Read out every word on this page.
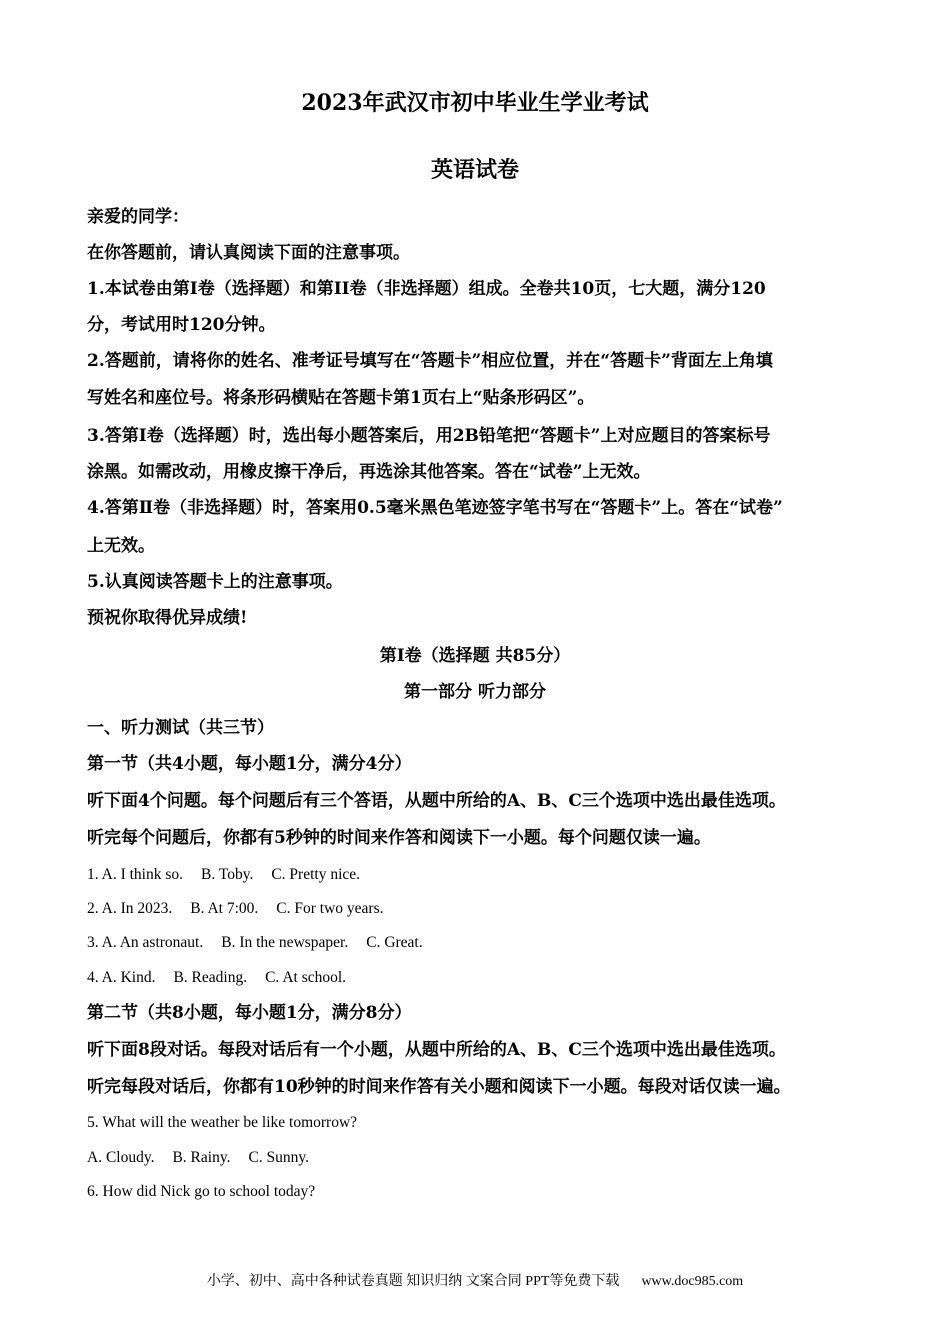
2023年武汉市初中毕业生学业考试
英语试卷
亲爱的同学：
在你答题前，请认真阅读下面的注意事项。
1.本试卷由第Ⅰ卷（选择题）和第II卷（非选择题）组成。全卷共10页，七大题，满分120
分，考试用时120分钟。
2.答题前，请将你的姓名、准考证号填写在“答题卡”相应位置，并在“答题卡”背面左上角填
写姓名和座位号。将条形码横贴在答题卡第1页右上“贴条形码区”。
3.答第Ⅰ卷（选择题）时，选出每小题答案后，用2B铅笔把“答题卡”上对应题目的答案标号
涂黑。如需改动，用橡皮擦干净后，再选涂其他答案。答在“试卷”上无效。
4.答第Ⅱ卷（非选择题）时，答案用0.5毫米黑色笔迹签字笔书写在“答题卡”上。答在“试卷”
上无效。
5.认真阅读答题卡上的注意事项。
预祝你取得优异成绩!
第Ⅰ卷（选择题 共85分）
第一部分 听力部分
一、听力测试（共三节）
第一节（共4小题，每小题1分，满分4分）
听下面4个问题。每个问题后有三个答语，从题中所给的A、B、C三个选项中选出最佳选项。
听完每个问题后，你都有5秒钟的时间来作答和阅读下一小题。每个问题仅读一遍。
1. A. I think so. B. Toby. C. Pretty nice.
2. A. In 2023. B. At 7:00. C. For two years.
3. A. An astronaut. B. In the newspaper. C. Great.
4. A. Kind. B. Reading. C. At school.
第二节（共8小题，每小题1分，满分8分）
听下面8段对话。每段对话后有一个小题，从题中所给的A、B、C三个选项中选出最佳选项。
听完每段对话后，你都有10秒钟的时间来作答有关小题和阅读下一小题。每段对话仅读一遍。
5. What will the weather be like tomorrow?
A. Cloudy. B. Rainy. C. Sunny.
6. How did Nick go to school today?
小学、初中、高中各种试卷真题 知识归纳 文案合同 PPT等免费下载 www.doc985.com
